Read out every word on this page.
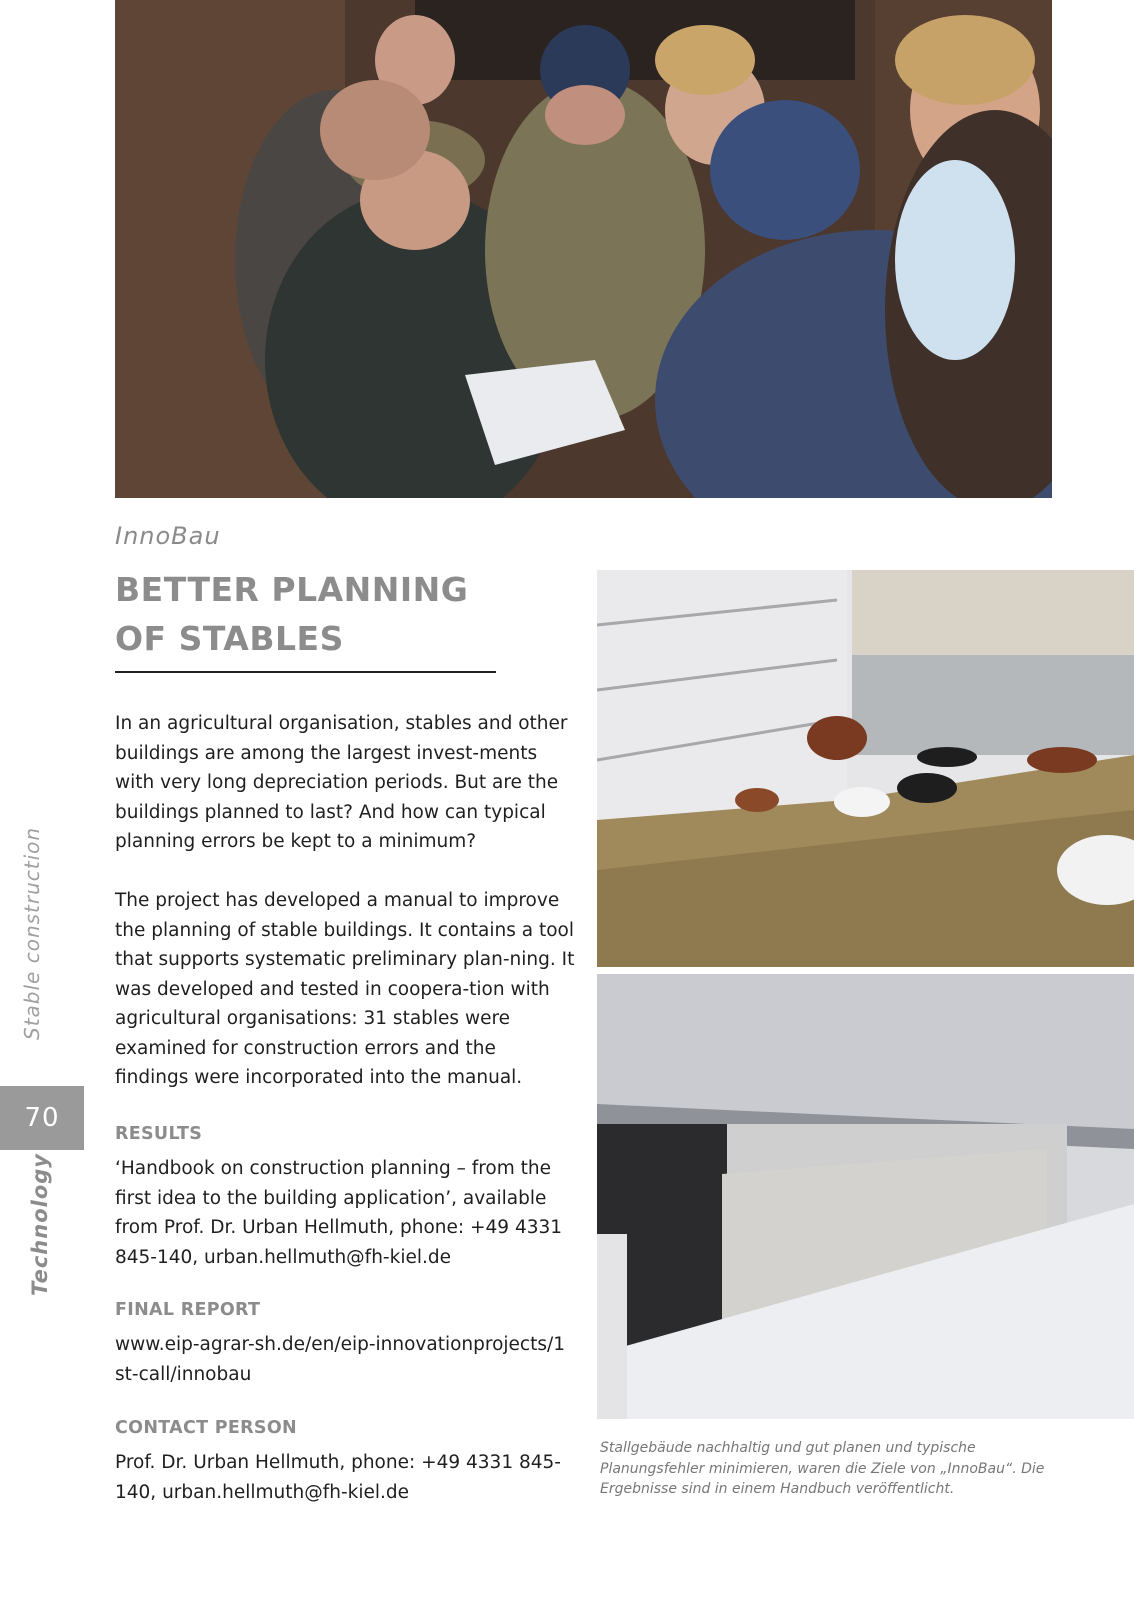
InnoBau
BETTER PLANNING OF STABLES
In an agricultural organisation, stables and other buildings are among the largest invest-ments with very long depreciation periods. But are the buildings planned to last? And how can typical planning errors be kept to a minimum?
The project has developed a manual to improve the planning of stable buildings. It contains a tool that supports systematic preliminary plan-ning. It was developed and tested in coopera-tion with agricultural organisations: 31 stables were examined for construction errors and the findings were incorporated into the manual.
RESULTS
‘Handbook on construction planning – from the first idea to the building application’, available from Prof. Dr. Urban Hellmuth, phone: +49 4331 845-140, urban.hellmuth@fh-kiel.de
FINAL REPORT
www.eip-agrar-sh.de/en/eip-innovationprojects/1st-call/innobau
CONTACT PERSON
Prof. Dr. Urban Hellmuth, phone: +49 4331 845-140, urban.hellmuth@fh-kiel.de
Stable construction
70
Technology
Stallgebäude nachhaltig und gut planen und typische Planungsfehler minimieren, waren die Ziele von „InnoBau“. Die Ergebnisse sind in einem Handbuch veröffentlicht.
